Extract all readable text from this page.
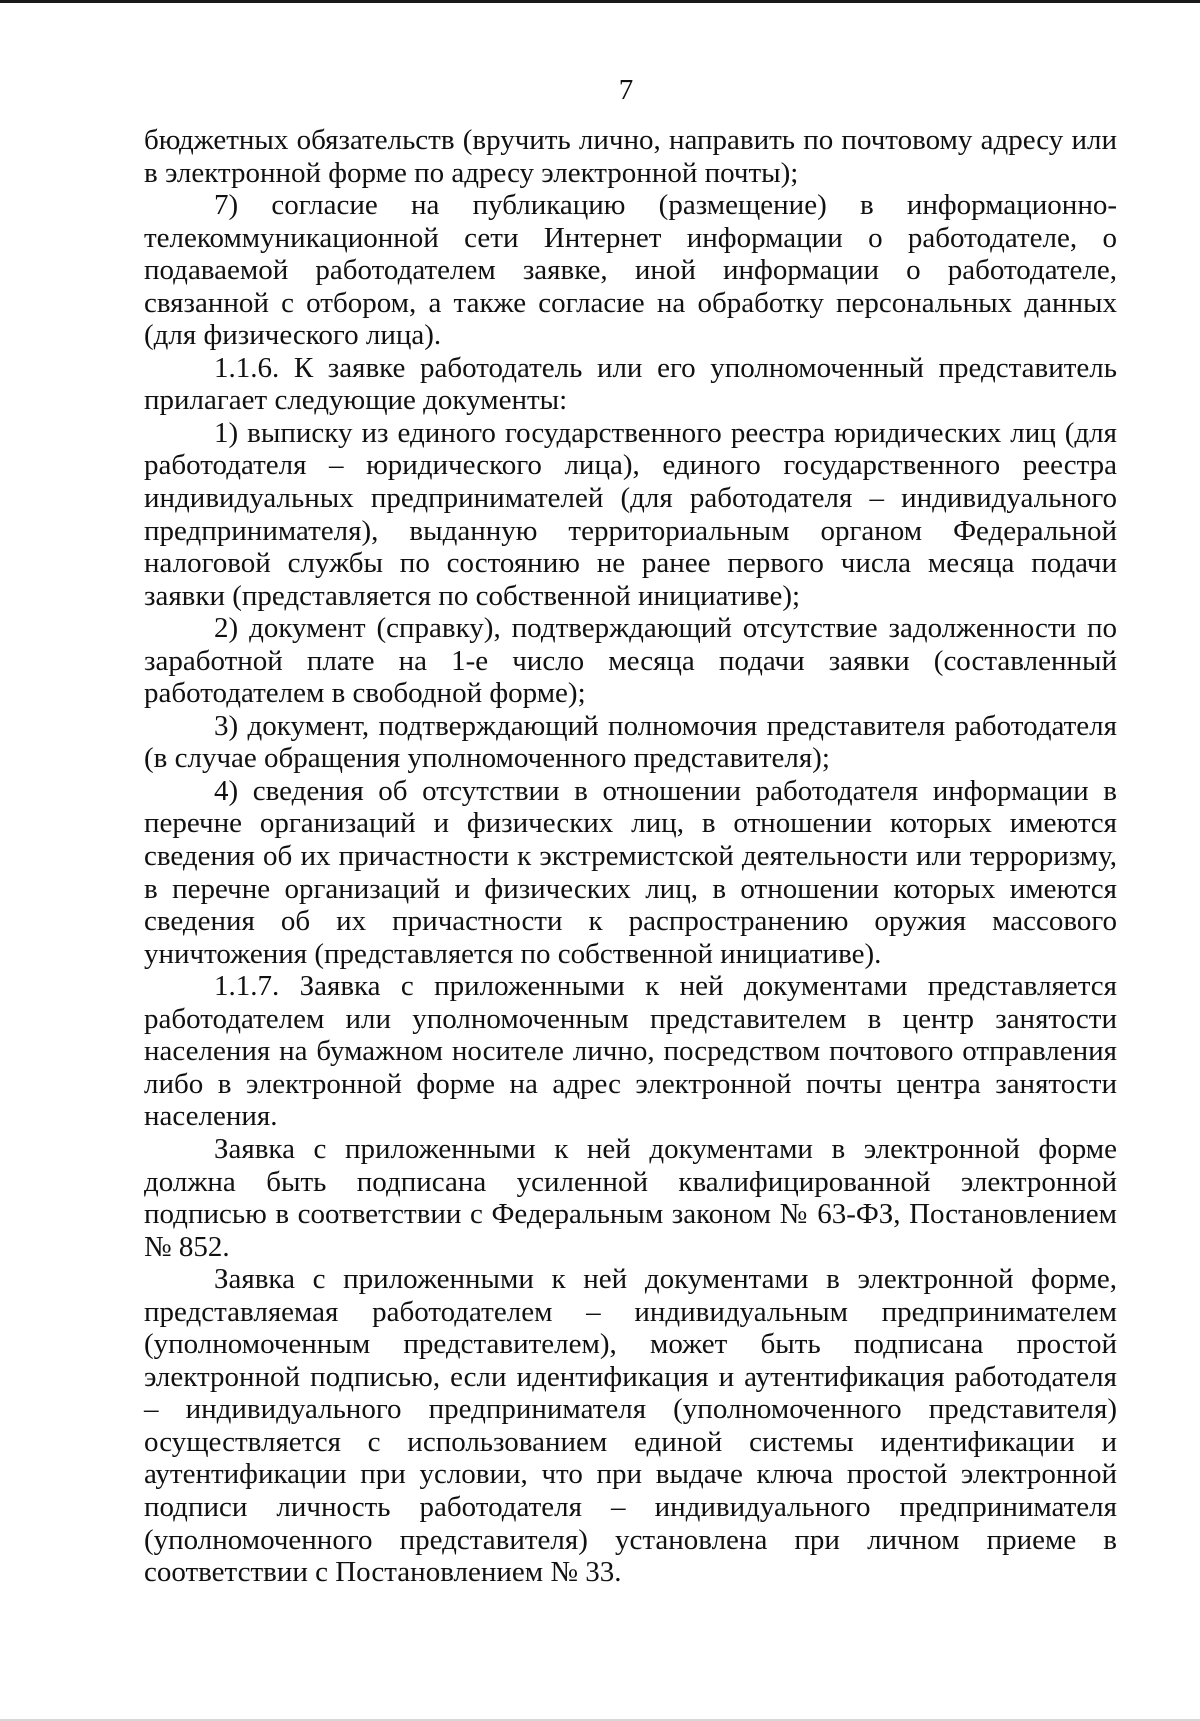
7

бюджетных обязательств (вручить лично, направить по почтовому адресу или в электронной форме по адресу электронной почты);

7) согласие на публикацию (размещение) в информационно-телекоммуникационной сети Интернет информации о работодателе, о подаваемой работодателем заявке, иной информации о работодателе, связанной с отбором, а также согласие на обработку персональных данных (для физического лица).

1.1.6. К заявке работодатель или его уполномоченный представитель прилагает следующие документы:

1) выписку из единого государственного реестра юридических лиц (для работодателя – юридического лица), единого государственного реестра индивидуальных предпринимателей (для работодателя – индивидуального предпринимателя), выданную территориальным органом Федеральной налоговой службы по состоянию не ранее первого числа месяца подачи заявки (представляется по собственной инициативе);

2) документ (справку), подтверждающий отсутствие задолженности по заработной плате на 1-е число месяца подачи заявки (составленный работодателем в свободной форме);

3) документ, подтверждающий полномочия представителя работодателя (в случае обращения уполномоченного представителя);

4) сведения об отсутствии в отношении работодателя информации в перечне организаций и физических лиц, в отношении которых имеются сведения об их причастности к экстремистской деятельности или терроризму, в перечне организаций и физических лиц, в отношении которых имеются сведения об их причастности к распространению оружия массового уничтожения (представляется по собственной инициативе).

1.1.7. Заявка с приложенными к ней документами представляется работодателем или уполномоченным представителем в центр занятости населения на бумажном носителе лично, посредством почтового отправления либо в электронной форме на адрес электронной почты центра занятости населения.

Заявка с приложенными к ней документами в электронной форме должна быть подписана усиленной квалифицированной электронной подписью в соответствии с Федеральным законом № 63-ФЗ, Постановлением № 852.

Заявка с приложенными к ней документами в электронной форме, представляемая работодателем – индивидуальным предпринимателем (уполномоченным представителем), может быть подписана простой электронной подписью, если идентификация и аутентификация работодателя – индивидуального предпринимателя (уполномоченного представителя) осуществляется с использованием единой системы идентификации и аутентификации при условии, что при выдаче ключа простой электронной подписи личность работодателя – индивидуального предпринимателя (уполномоченного представителя) установлена при личном приеме в соответствии с Постановлением № 33.
